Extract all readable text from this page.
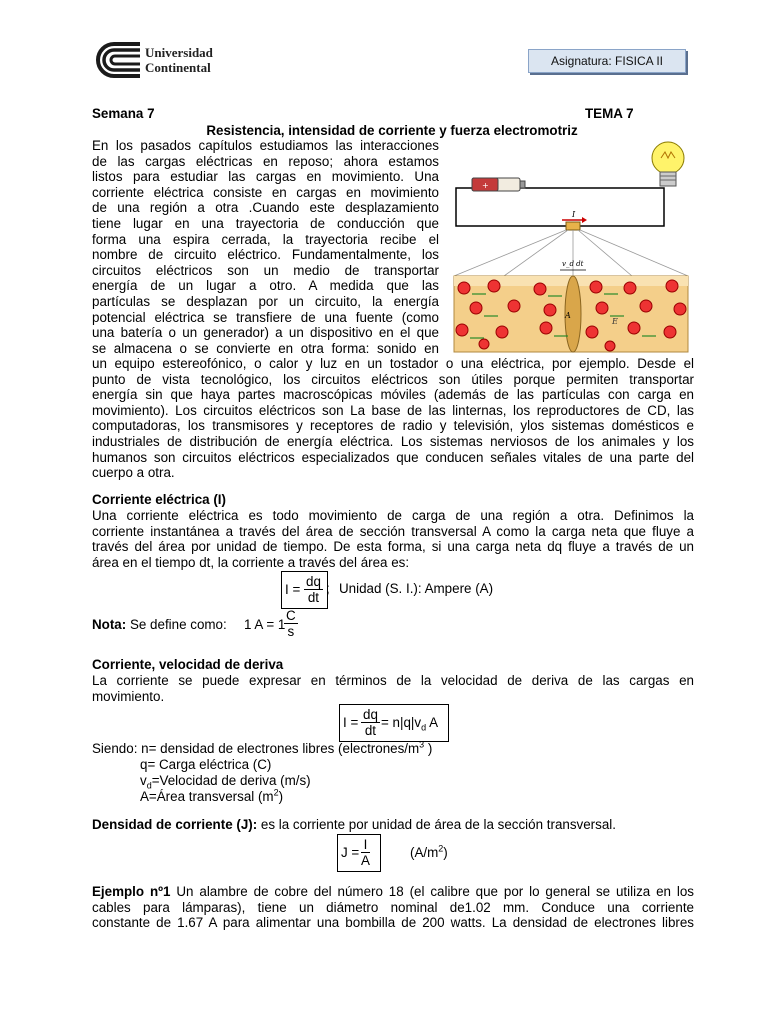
Universidad
Continental	Asignatura: FISICA II
Semana 7	TEMA 7
Resistencia, intensidad de corriente y fuerza electromotriz
En los pasados capítulos estudiamos las interacciones
de las cargas eléctricas en reposo; ahora estamos
listos para estudiar las cargas en movimiento. Una
corriente eléctrica consiste en cargas en movimiento
de una región a otra .Cuando este desplazamiento
tiene lugar en una trayectoria de conducción que
forma una espira cerrada, la trayectoria recibe el
nombre de circuito eléctrico. Fundamentalmente, los
circuitos eléctricos son un medio de transportar
energía de un lugar a otro. A medida que las
partículas se desplazan por un circuito, la energía
potencial eléctrica se transfiere de una fuente (como
una batería o un generador) a un dispositivo en el que
se almacena o se convierte en otra forma: sonido en
un equipo estereofónico, o calor y luz en un tostador o una eléctrica, por ejemplo. Desde el
punto de vista tecnológico, los circuitos eléctricos son útiles porque permiten transportar
energía sin que haya partes macroscópicas móviles (además de las partículas con carga en
movimiento). Los circuitos eléctricos son La base de las linternas, los reproductores de CD, las
computadoras, los transmisores y receptores de radio y televisión, ylos sistemas domésticos e
industriales de distribución de energía eléctrica. Los sistemas nerviosos de los animales y los
humanos son circuitos eléctricos especializados que conducen señales vitales de una parte del
cuerpo a otra.
+
I
v_d dt
A
E
Corriente eléctrica (I)
Una corriente eléctrica es todo movimiento de carga de una región a otra. Definimos la
corriente instantánea a través del área de sección transversal A como la carga neta que fluye a
través del área por unidad de tiempo. De esta forma, si una carga neta dq fluye a través de un
área en el tiempo dt, la corriente a través del área es:
$I = \frac{dq}{dt}$ ; Unidad (S. I.): Ampere (A)
Nota: Se define como: 1 A = 1
$\frac{C}{s}$
Corriente, velocidad de deriva
La corriente se puede expresar en términos de la velocidad de deriva de las cargas en
movimiento.
$I = \frac{dq}{dt} = n|q|v_d$ A
Siendo: n= densidad de electrones libres ($electrones/m^3$ )
q= Carga eléctrica (C)
$v_d=Velocidad$ de deriva (m/s)
A=Área transversal $(m^2)$
Densidad de corriente (J): es la corriente por unidad de área de la sección transversal.
$J = \frac{I}{A}$	$(A/m^2)$
Ejemplo nº1 Un alambre de cobre del número 18 (el calibre que por lo general se utiliza en los
cables para lámparas), tiene un diámetro nominal de1.02 mm. Conduce una corriente
constante de 1.67 A para alimentar una bombilla de 200 watts. La densidad de electrones libres
